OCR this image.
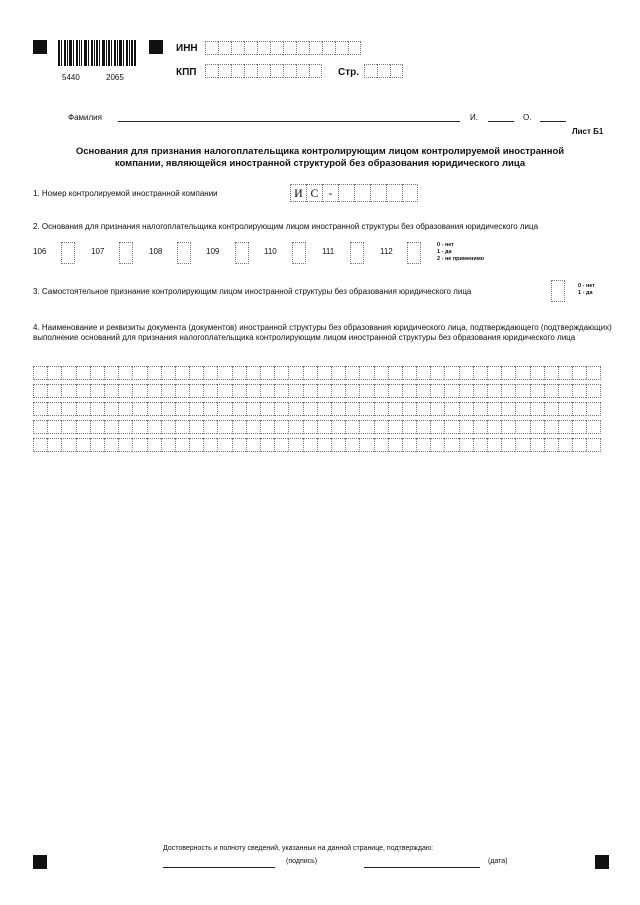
5440	2065
ИНН
КПП	Стр.
Фамилия	И.	О.
Лист Б1
Основания для признания налогоплательщика контролирующим лицом контролируемой иностранной
компании, являющейся иностранной структурой без образования юридического лица
1. Номер контролируемой иностранной компании	И С -
2. Основания для признания налогоплательщика контролирующим лицом иностранной структуры без образования юридического лица
106	107	108	109	110	111	112
0 - нет
1 - да
2 - не применимо
3. Самостоятельное признание контролирующим лицом иностранной структуры без образования юридического лица
0 - нет
1 - да
4. Наименование и реквизиты документа (документов) иностранной структуры без образования юридического лица, подтверждающего (подтверждающих) выполнение оснований для признания налогоплательщика контролирующим лицом иностранной структуры без образования юридического лица
Достоверность и полноту сведений, указанных на данной странице, подтверждаю:
(подпись)	(дата)
